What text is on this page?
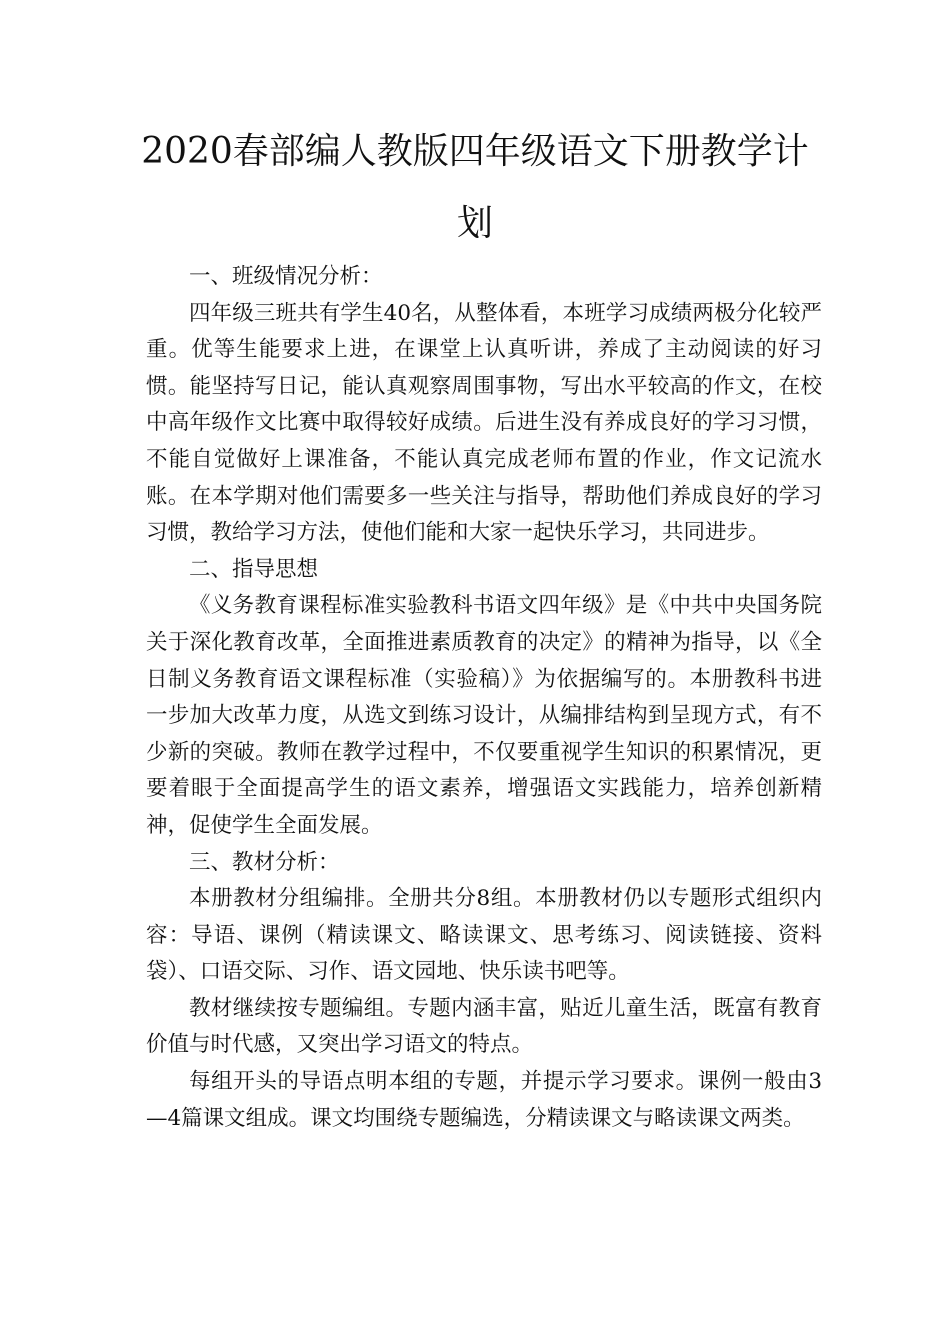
2020春部编人教版四年级语文下册教学计
划

一、班级情况分析：

四年级三班共有学生40名，从整体看，本班学习成绩两极分化较严重。优等生能要求上进，在课堂上认真听讲，养成了主动阅读的好习惯。能坚持写日记，能认真观察周围事物，写出水平较高的作文，在校中高年级作文比赛中取得较好成绩。后进生没有养成良好的学习习惯，不能自觉做好上课准备，不能认真完成老师布置的作业，作文记流水账。在本学期对他们需要多一些关注与指导，帮助他们养成良好的学习习惯，教给学习方法，使他们能和大家一起快乐学习，共同进步。

二、指导思想

《义务教育课程标准实验教科书语文四年级》是《中共中央国务院关于深化教育改革，全面推进素质教育的决定》的精神为指导，以《全日制义务教育语文课程标准（实验稿）》为依据编写的。本册教科书进一步加大改革力度，从选文到练习设计，从编排结构到呈现方式，有不少新的突破。教师在教学过程中，不仅要重视学生知识的积累情况，更要着眼于全面提高学生的语文素养，增强语文实践能力，培养创新精神，促使学生全面发展。

三、教材分析：

本册教材分组编排。全册共分8组。本册教材仍以专题形式组织内容：导语、课例（精读课文、略读课文、思考练习、阅读链接、资料袋）、口语交际、习作、语文园地、快乐读书吧等。

教材继续按专题编组。专题内涵丰富，贴近儿童生活，既富有教育价值与时代感，又突出学习语文的特点。

每组开头的导语点明本组的专题，并提示学习要求。课例一般由3—4篇课文组成。课文均围绕专题编选，分精读课文与略读课文两类。
